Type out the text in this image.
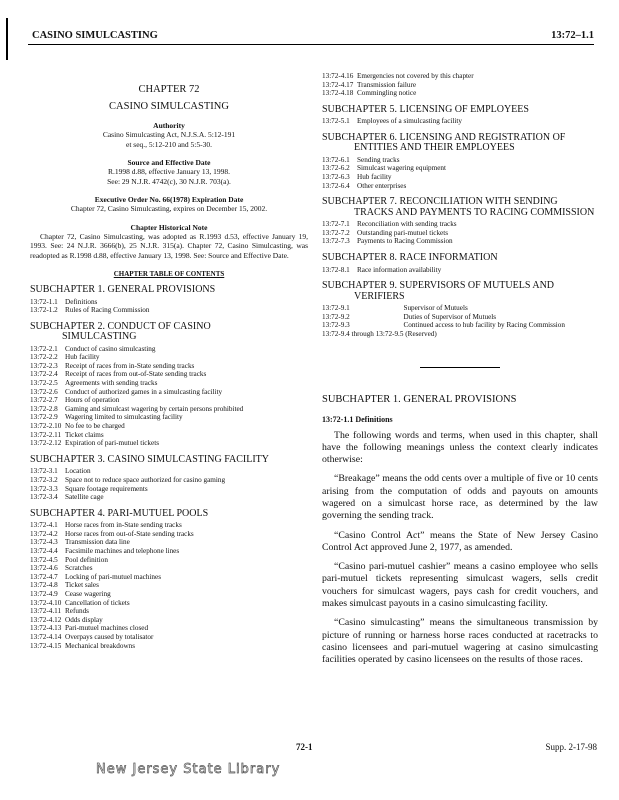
CASINO SIMULCASTING	13:72–1.1
CHAPTER 72
CASINO SIMULCASTING
Authority
Casino Simulcasting Act, N.J.S.A. 5:12-191
et seq., 5:12-210 and 5:5-30.
Source and Effective Date
R.1998 d.88, effective January 13, 1998.
See: 29 N.J.R. 4742(c), 30 N.J.R. 703(a).
Executive Order No. 66(1978) Expiration Date
Chapter 72, Casino Simulcasting, expires on December 15, 2002.
Chapter Historical Note
Chapter 72, Casino Simulcasting, was adopted as R.1993 d.53, effective January 19, 1993. See: 24 N.J.R. 3666(b), 25 N.J.R. 315(a). Chapter 72, Casino Simulcasting, was readopted as R.1998 d.88, effective January 13, 1998. See: Source and Effective Date.
CHAPTER TABLE OF CONTENTS
SUBCHAPTER 1. GENERAL PROVISIONS
13:72-1.1	Definitions
13:72-1.2	Rules of Racing Commission
SUBCHAPTER 2. CONDUCT OF CASINO
SIMULCASTING
13:72-2.1	Conduct of casino simulcasting
13:72-2.2	Hub facility
13:72-2.3	Receipt of races from in-State sending tracks
13:72-2.4	Receipt of races from out-of-State sending tracks
13:72-2.5	Agreements with sending tracks
13:72-2.6	Conduct of authorized games in a simulcasting facility
13:72-2.7	Hours of operation
13:72-2.8	Gaming and simulcast wagering by certain persons prohibited
13:72-2.9	Wagering limited to simulcasting facility
13:72-2.10	No fee to be charged
13:72-2.11	Ticket claims
13:72-2.12	Expiration of pari-mutuel tickets
SUBCHAPTER 3. CASINO SIMULCASTING FACILITY
13:72-3.1	Location
13:72-3.2	Space not to reduce space authorized for casino gaming
13:72-3.3	Square footage requirements
13:72-3.4	Satellite cage
SUBCHAPTER 4. PARI-MUTUEL POOLS
13:72-4.1	Horse races from in-State sending tracks
13:72-4.2	Horse races from out-of-State sending tracks
13:72-4.3	Transmission data line
13:72-4.4	Facsimile machines and telephone lines
13:72-4.5	Pool definition
13:72-4.6	Scratches
13:72-4.7	Locking of pari-mutuel machines
13:72-4.8	Ticket sales
13:72-4.9	Cease wagering
13:72-4.10	Cancellation of tickets
13:72-4.11	Refunds
13:72-4.12	Odds display
13:72-4.13	Pari-mutuel machines closed
13:72-4.14	Overpays caused by totalisator
13:72-4.15	Mechanical breakdowns
13:72-4.16	Emergencies not covered by this chapter
13:72-4.17	Transmission failure
13:72-4.18	Commingling notice
SUBCHAPTER 5. LICENSING OF EMPLOYEES
13:72-5.1	Employees of a simulcasting facility
SUBCHAPTER 6. LICENSING AND REGISTRATION OF
ENTITIES AND THEIR EMPLOYEES
13:72-6.1	Sending tracks
13:72-6.2	Simulcast wagering equipment
13:72-6.3	Hub facility
13:72-6.4	Other enterprises
SUBCHAPTER 7. RECONCILIATION WITH SENDING
TRACKS AND PAYMENTS TO RACING COMMISSION
13:72-7.1	Reconciliation with sending tracks
13:72-7.2	Outstanding pari-mutuel tickets
13:72-7.3	Payments to Racing Commission
SUBCHAPTER 8. RACE INFORMATION
13:72-8.1	Race information availability
SUBCHAPTER 9. SUPERVISORS OF MUTUELS AND
VERIFIERS
13:72-9.1	Supervisor of Mutuels
13:72-9.2	Duties of Supervisor of Mutuels
13:72-9.3	Continued access to hub facility by Racing Commission
13:72-9.4 through 13:72-9.5	(Reserved)
SUBCHAPTER 1. GENERAL PROVISIONS
13:72-1.1 Definitions
The following words and terms, when used in this chapter, shall have the following meanings unless the context clearly indicates otherwise:
“Breakage” means the odd cents over a multiple of five or 10 cents arising from the computation of odds and payouts on amounts wagered on a simulcast horse race, as determined by the law governing the sending track.
“Casino Control Act” means the State of New Jersey Casino Control Act approved June 2, 1977, as amended.
“Casino pari-mutuel cashier” means a casino employee who sells pari-mutuel tickets representing simulcast wagers, sells credit vouchers for simulcast wagers, pays cash for credit vouchers, and makes simulcast payouts in a casino simulcasting facility.
“Casino simulcasting” means the simultaneous transmission by picture of running or harness horse races conducted at racetracks to casino licensees and pari-mutuel wagering at casino simulcasting facilities operated by casino licensees on the results of those races.
72-1	Supp. 2-17-98
New Jersey State Library
